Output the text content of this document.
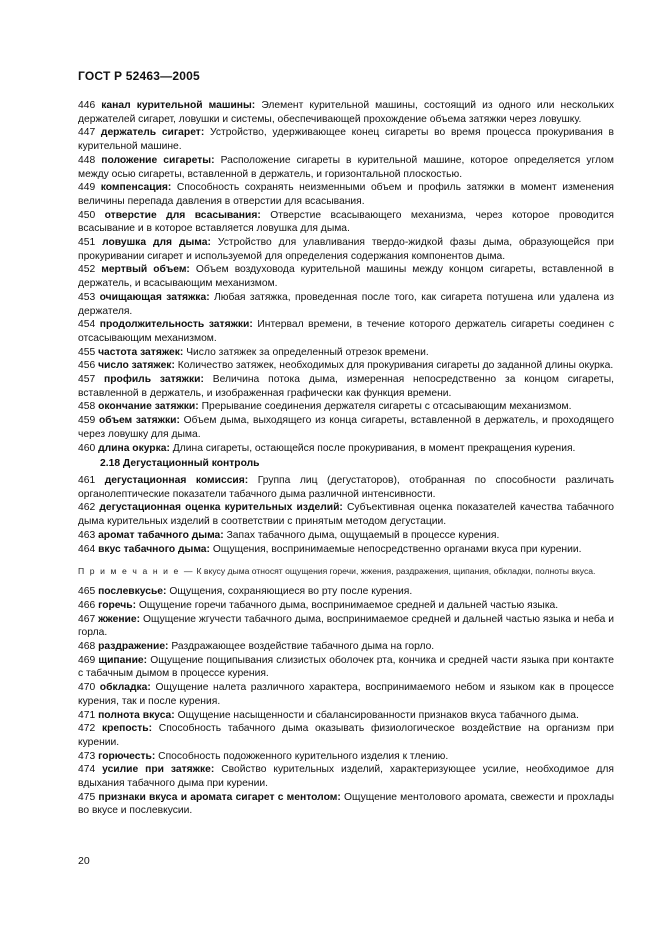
ГОСТ Р 52463—2005

446 канал курительной машины: Элемент курительной машины, состоящий из одного или нескольких держателей сигарет, ловушки и системы, обеспечивающей прохождение объема затяжки через ловушку.

447 держатель сигарет: Устройство, удерживающее конец сигареты во время процесса прокуривания в курительной машине.

448 положение сигареты: Расположение сигареты в курительной машине, которое определяется углом между осью сигареты, вставленной в держатель, и горизонтальной плоскостью.

449 компенсация: Способность сохранять неизменными объем и профиль затяжки в момент изменения величины перепада давления в отверстии для всасывания.

450 отверстие для всасывания: Отверстие всасывающего механизма, через которое проводится всасывание и в которое вставляется ловушка для дыма.

451 ловушка для дыма: Устройство для улавливания твердо-жидкой фазы дыма, образующейся при прокуривании сигарет и используемой для определения содержания компонентов дыма.

452 мертвый объем: Объем воздуховода курительной машины между концом сигареты, вставленной в держатель, и всасывающим механизмом.

453 очищающая затяжка: Любая затяжка, проведенная после того, как сигарета потушена или удалена из держателя.

454 продолжительность затяжки: Интервал времени, в течение которого держатель сигареты соединен с отсасывающим механизмом.

455 частота затяжек: Число затяжек за определенный отрезок времени.

456 число затяжек: Количество затяжек, необходимых для прокуривания сигареты до заданной длины окурка.

457 профиль затяжки: Величина потока дыма, измеренная непосредственно за концом сигареты, вставленной в держатель, и изображенная графически как функция времени.

458 окончание затяжки: Прерывание соединения держателя сигареты с отсасывающим механизмом.

459 объем затяжки: Объем дыма, выходящего из конца сигареты, вставленной в держатель, и проходящего через ловушку для дыма.

460 длина окурка: Длина сигареты, остающейся после прокуривания, в момент прекращения курения.

2.18 Дегустационный контроль

461 дегустационная комиссия: Группа лиц (дегустаторов), отобранная по способности различать органолептические показатели табачного дыма различной интенсивности.

462 дегустационная оценка курительных изделий: Субъективная оценка показателей качества табачного дыма курительных изделий в соответствии с принятым методом дегустации.

463 аромат табачного дыма: Запах табачного дыма, ощущаемый в процессе курения.

464 вкус табачного дыма: Ощущения, воспринимаемые непосредственно органами вкуса при курении.

П р и м е ч а н и е — К вкусу дыма относят ощущения горечи, жжения, раздражения, щипания, обкладки, полноты вкуса.

465 послевкусье: Ощущения, сохраняющиеся во рту после курения.

466 горечь: Ощущение горечи табачного дыма, воспринимаемое средней и дальней частью языка.

467 жжение: Ощущение жгучести табачного дыма, воспринимаемое средней и дальней частью языка и неба и горла.

468 раздражение: Раздражающее воздействие табачного дыма на горло.

469 щипание: Ощущение пощипывания слизистых оболочек рта, кончика и средней части языка при контакте с табачным дымом в процессе курения.

470 обкладка: Ощущение налета различного характера, воспринимаемого небом и языком как в процессе курения, так и после курения.

471 полнота вкуса: Ощущение насыщенности и сбалансированности признаков вкуса табачного дыма.

472 крепость: Способность табачного дыма оказывать физиологическое воздействие на организм при курении.

473 горючесть: Способность подожженного курительного изделия к тлению.

474 усилие при затяжке: Свойство курительных изделий, характеризующее усилие, необходимое для вдыхания табачного дыма при курении.

475 признаки вкуса и аромата сигарет с ментолом: Ощущение ментолового аромата, свежести и прохлады во вкусе и послевкусии.

20
